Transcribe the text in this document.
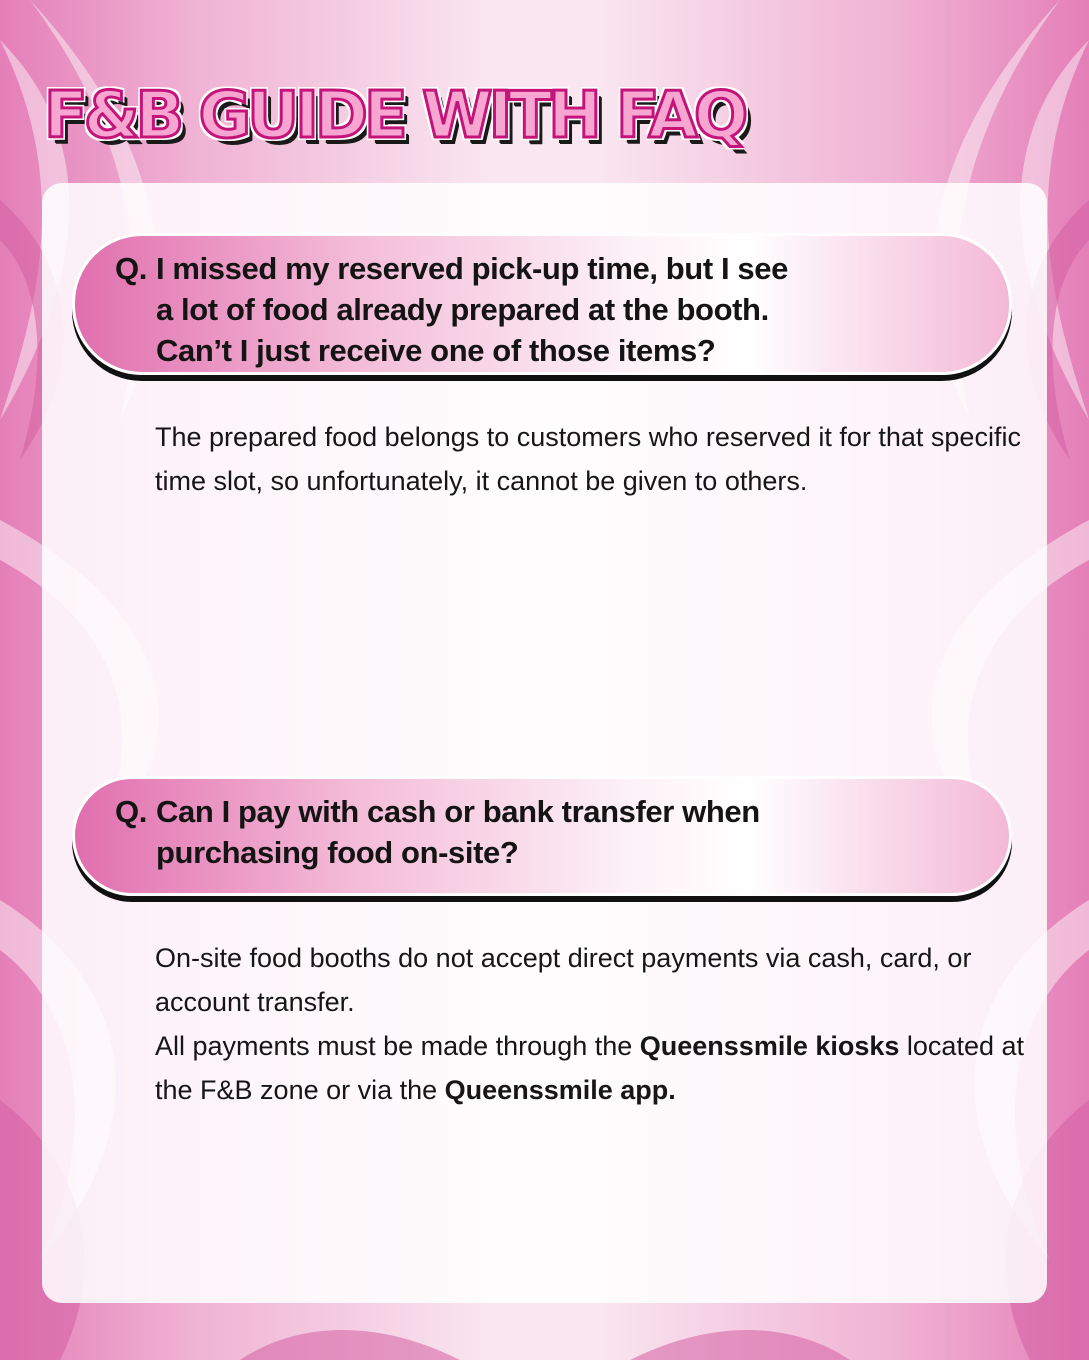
F&B GUIDE WITH FAQ
Q. I missed my reserved pick-up time, but I see
a lot of food already prepared at the booth.
Can’t I just receive one of those items?

The prepared food belongs to customers who reserved it for that specific time slot, so unfortunately, it cannot be given to others.

Q. Can I pay with cash or bank transfer when
purchasing food on-site?

On-site food booths do not accept direct payments via cash, card, or account transfer.

All payments must be made through the Queenssmile kiosks located at the F&B zone or via the Queenssmile app.
